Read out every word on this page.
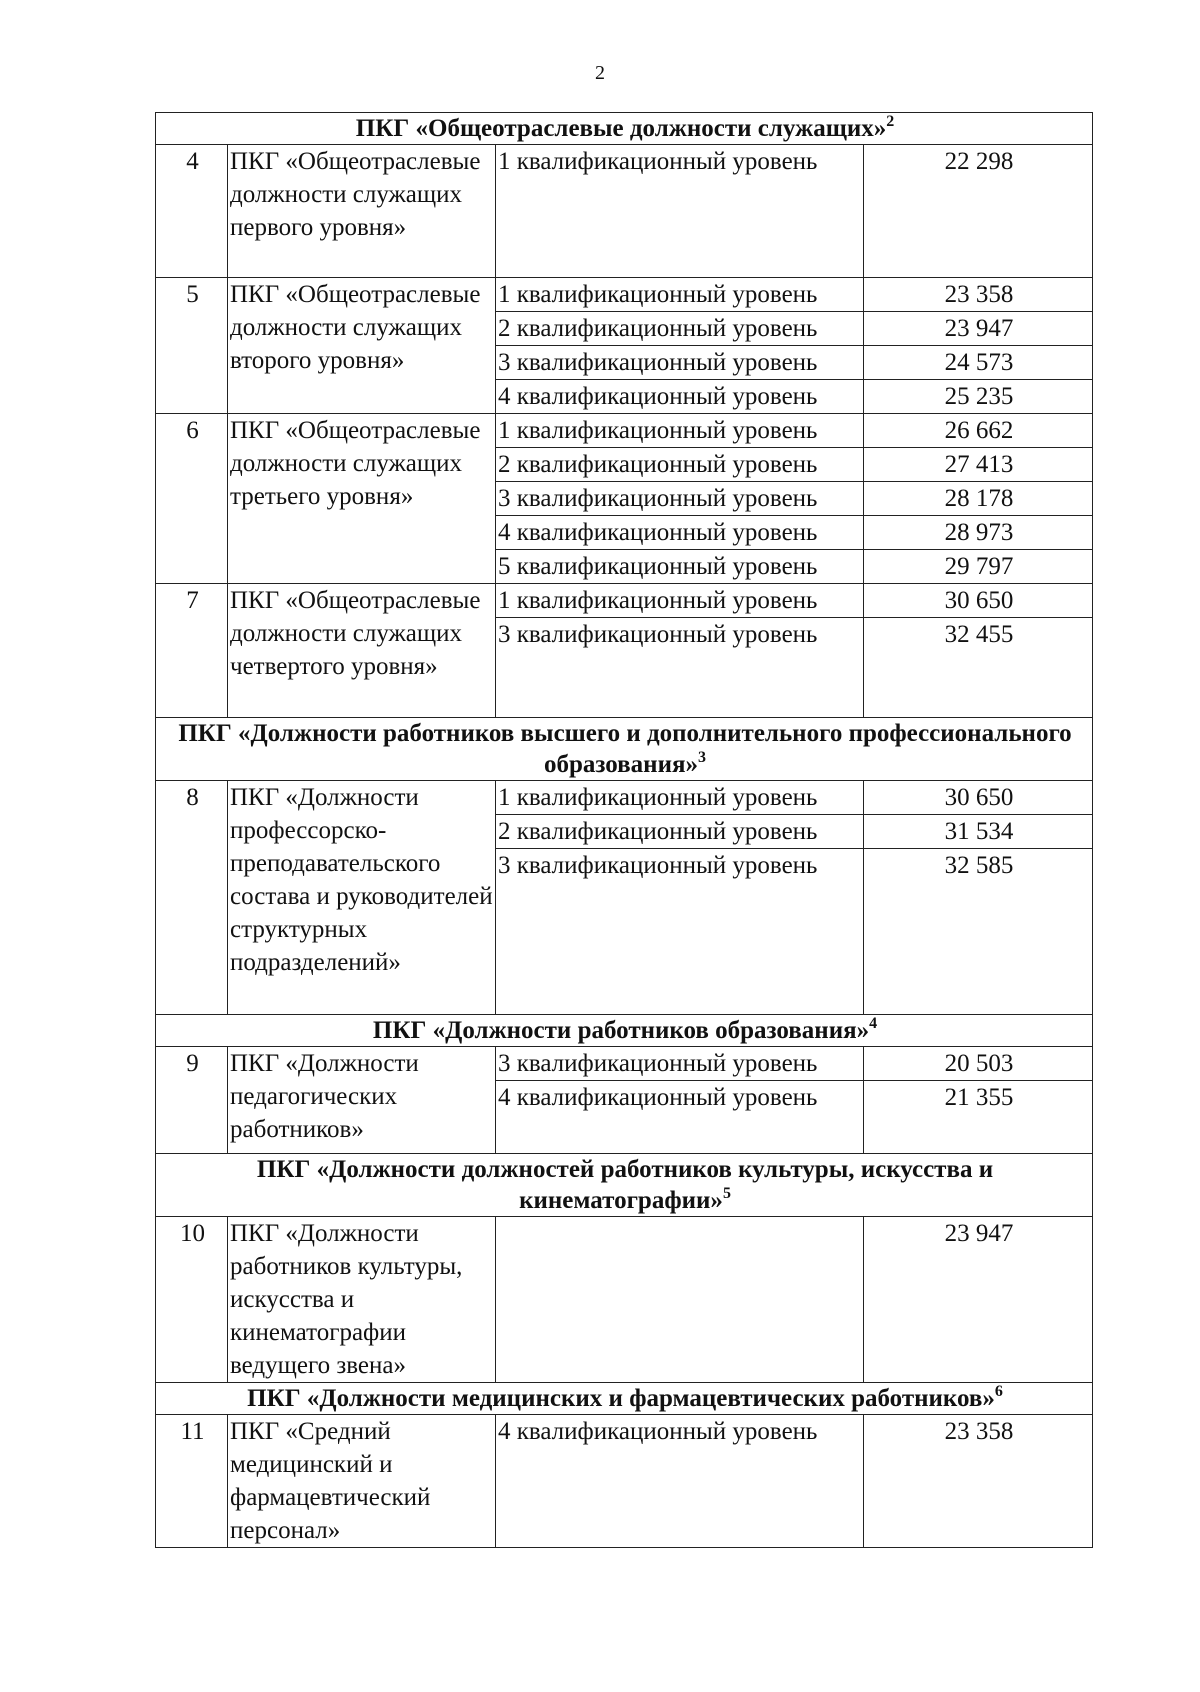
2
ПКГ «Общеотраслевые должности служащих»$^2$
4	ПКГ «Общеотраслевые должности служащих первого уровня»	1 квалификационный уровень	22 298
5	ПКГ «Общеотраслевые должности служащих второго уровня»	1 квалификационный уровень	23 358
		2 квалификационный уровень	23 947
		3 квалификационный уровень	24 573
		4 квалификационный уровень	25 235
6	ПКГ «Общеотраслевые должности служащих третьего уровня»	1 квалификационный уровень	26 662
		2 квалификационный уровень	27 413
		3 квалификационный уровень	28 178
		4 квалификационный уровень	28 973
		5 квалификационный уровень	29 797
7	ПКГ «Общеотраслевые должности служащих четвертого уровня»	1 квалификационный уровень	30 650
		3 квалификационный уровень	32 455
ПКГ «Должности работников высшего и дополнительного профессионального образования»$^3$
8	ПКГ «Должности профессорско-преподавательского состава и руководителей структурных подразделений»	1 квалификационный уровень	30 650
		2 квалификационный уровень	31 534
		3 квалификационный уровень	32 585
ПКГ «Должности работников образования»$^4$
9	ПКГ «Должности педагогических работников»	3 квалификационный уровень	20 503
		4 квалификационный уровень	21 355
ПКГ «Должности должностей работников культуры, искусства и кинематографии»$^5$
10	ПКГ «Должности работников культуры, искусства и кинематографии ведущего звена»		23 947
ПКГ «Должности медицинских и фармацевтических работников»$^6$
11	ПКГ «Средний медицинский и фармацевтический персонал»	4 квалификационный уровень	23 358
